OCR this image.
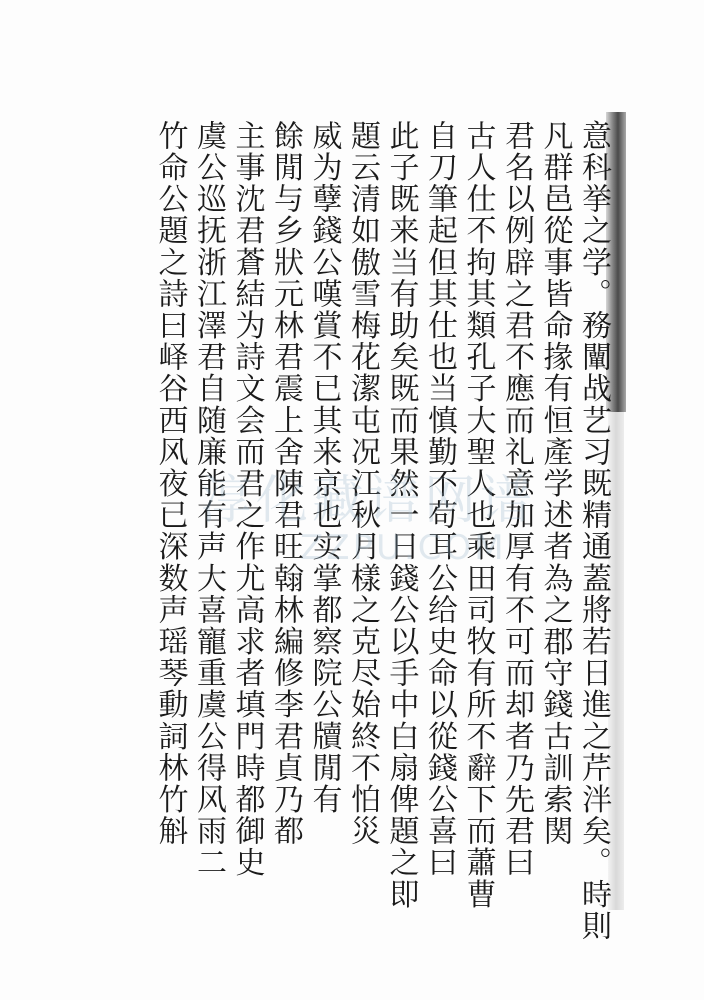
意科挙之学。務闡战艺习既精通蓋將若日進之芹泮矣。時則
凡群邑從事皆命掾有恒產学述者為之郡守錢古訓索関
君名以例辟之君不應而礼意加厚有不可而却者乃先君曰
古人仕不拘其類孔子大聖人也乘田司牧有所不辭下而蕭曹
自刀筆起但其仕也当慎勤不苟耳公给史命以從錢公喜曰
此子既来当有助矣既而果然一日錢公以手中白扇俾題之即
題云清如傲雪梅花潔屯况江秋月樣之克尽始終不怕災
威为孽錢公嘆賞不已其来京也实掌都察院公牘閒有
餘閒与乡狀元林君震上舍陳君旺翰林編修李君貞乃都
主事沈君蒼結为詩文会而君之作尤高求者填門時都御史
虞公巡抚浙江澤君自随廉能有声大喜寵重虞公得风雨二
竹命公題之詩曰峄谷西风夜已深数声瑶琴動詞林竹斛 淳化藏谱网谱
ZZPU.COM
